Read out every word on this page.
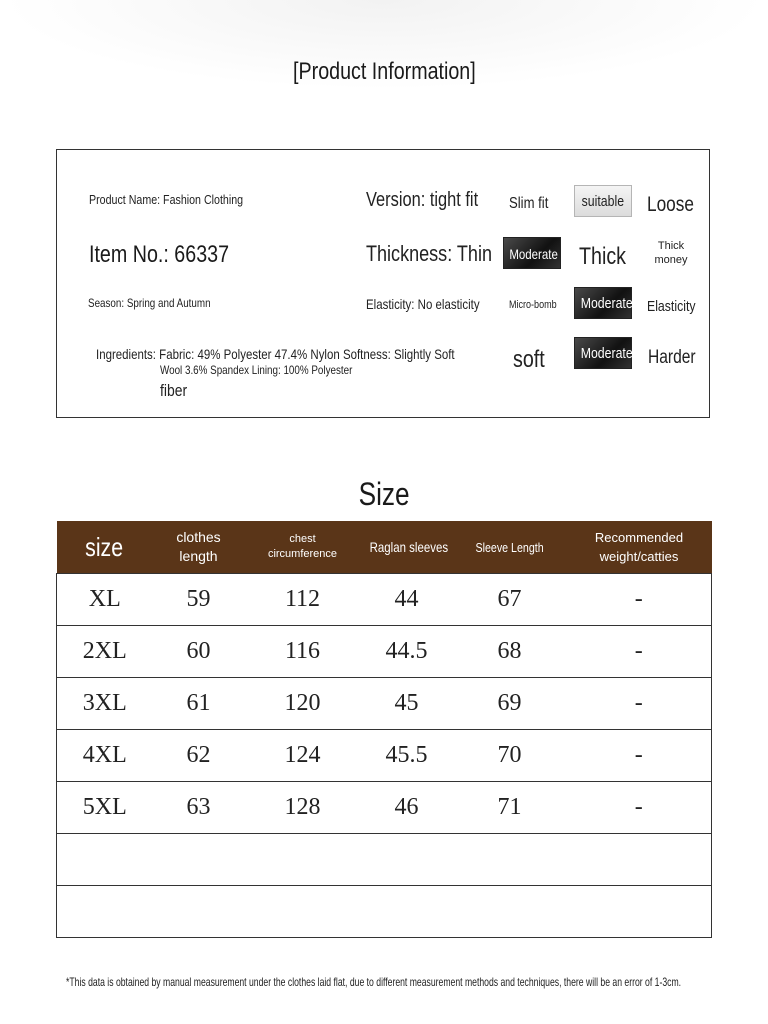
[Product Information]
Product Name: Fashion Clothing
Item No.: 66337
Season: Spring and Autumn
Ingredients: Fabric: 49% Polyester 47.4% Nylon Softness: Slightly Soft
Wool 3.6% Spandex Lining: 100% Polyester
fiber
Version: tight fit	Slim fit	suitable	Loose
Thickness: Thin	Moderate Thick	Thick money
Elasticity: No elasticity	Micro-bomb	Moderate Elasticity
soft	Moderate Harder
Size
size	clothes length	chest circumference	Raglan sleeves	Sleeve Length	Recommended weight/catties
XL	59	112	44	67	-
2XL	60	116	44.5	68	-
3XL	61	120	45	69	-
4XL	62	124	45.5	70	-
5XL	63	128	46	71	-

*This data is obtained by manual measurement under the clothes laid flat, due to different measurement methods and techniques, there will be an error of 1-3cm.
